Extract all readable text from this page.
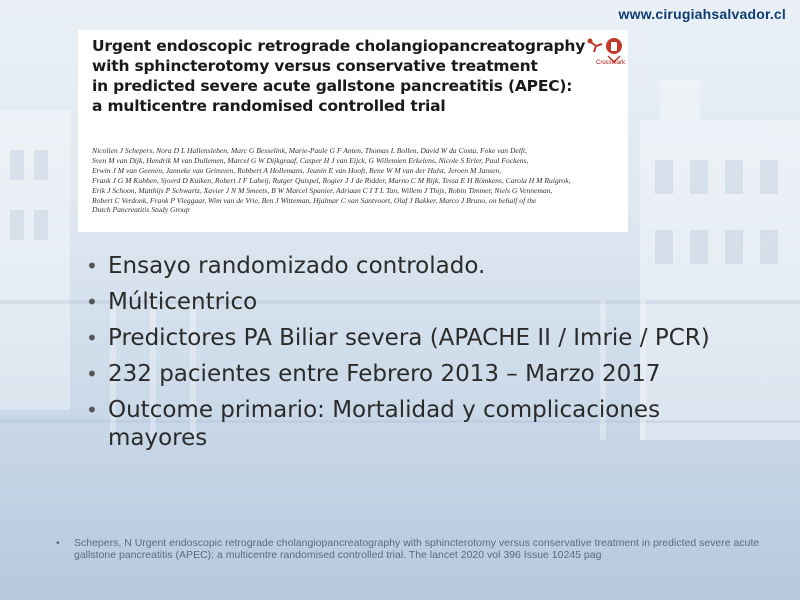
www.cirugiahsalvador.cl
Urgent endoscopic retrograde cholangiopancreatography
with sphincterotomy versus conservative treatment
in predicted severe acute gallstone pancreatitis (APEC):
a multicentre randomised controlled trial
CrossMark
Nicolien J Schepers, Nora D L Hallensleben, Marc G Besselink, Marie-Paule G F Anten, Thomas L Bollen, David W da Costa, Foke van Delft,
Sven M van Dijk, Hendrik M van Dullemen, Marcel G W Dijkgraaf, Casper H J van Eijck, G Willemien Erkelens, Nicole S Erler, Paul Fockens,
Erwin J M van Geenen, Janneke van Grinsven, Robbert A Hollemans, Jeanin E van Hooft, Rene W M van der Hulst, Jeroen M Jansen,
Frank J G M Kubben, Sjoerd D Kuiken, Robert J F Laheij, Rutger Quispel, Rogier J J de Ridder, Marno C M Rijk, Tessa E H Römkens, Carola H M Ruigrok,
Erik J Schoon, Matthijs P Schwartz, Xavier J N M Smeets, B W Marcel Spanier, Adriaan C I T L Tan, Willem J Thijs, Robin Timmer, Niels G Venneman,
Robert C Verdonk, Frank P Vleggaar, Wim van de Vrie, Ben J Witteman, Hjalmar C van Santvoort, Olaf J Bakker, Marco J Bruno, on behalf of the
Dutch Pancreatitis Study Group
• Ensayo randomizado controlado.
• Múlticentrico
• Predictores PA Biliar severa (APACHE II / Imrie / PCR)
• 232 pacientes entre Febrero 2013 – Marzo 2017
• Outcome primario: Mortalidad y complicaciones mayores
•	Schepers, N Urgent endoscopic retrograde cholangiopancreatography with sphincterotomy versus conservative treatment in predicted severe acute gallstone pancreatitis (APEC): a multicentre randomised controlled trial. The lancet 2020 vol 396 Issue 10245 pag
